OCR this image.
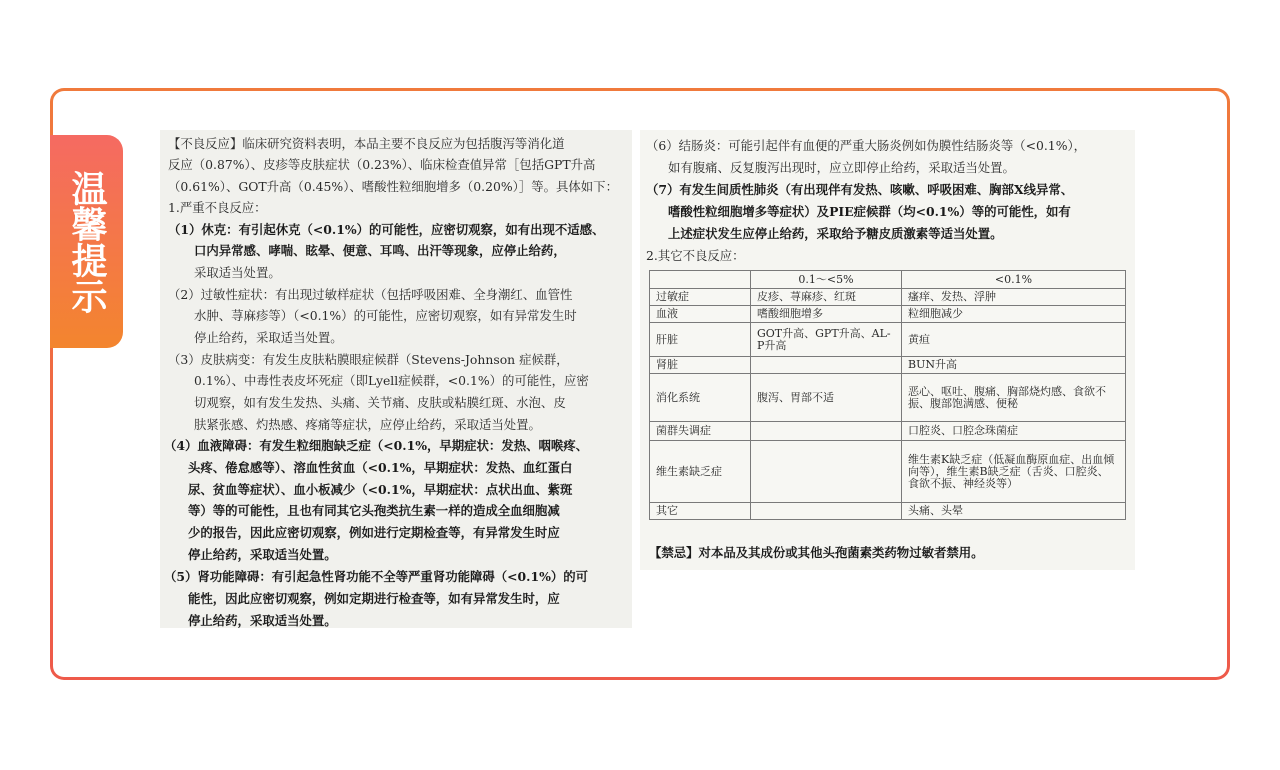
温馨提示
【不良反应】临床研究资料表明，本品主要不良反应为包括腹泻等消化道
反应（0.87%）、皮疹等皮肤症状（0.23%）、临床检查值异常［包括GPT升高
（0.61%）、GOT升高（0.45%）、嗜酸性粒细胞增多（0.20%）］等。具体如下：
1.严重不良反应：
（1）休克：有引起休克（<0.1%）的可能性，应密切观察，如有出现不适感、
口内异常感、哮喘、眩晕、便意、耳鸣、出汗等现象，应停止给药，
采取适当处置。
（2）过敏性症状：有出现过敏样症状（包括呼吸困难、全身潮红、血管性
水肿、荨麻疹等）（<0.1%）的可能性，应密切观察，如有异常发生时
停止给药，采取适当处置。
（3）皮肤病变：有发生皮肤粘膜眼症候群（Stevens-Johnson 症候群，
0.1%）、中毒性表皮坏死症（即Lyell症候群，<0.1%）的可能性，应密
切观察，如有发生发热、头痛、关节痛、皮肤或粘膜红斑、水泡、皮
肤紧张感、灼热感、疼痛等症状，应停止给药，采取适当处置。
（4）血液障碍：有发生粒细胞缺乏症（<0.1%，早期症状：发热、咽喉疼、
头疼、倦怠感等）、溶血性贫血（<0.1%，早期症状：发热、血红蛋白
尿、贫血等症状）、血小板减少（<0.1%，早期症状：点状出血、紫斑
等）等的可能性，且也有同其它头孢类抗生素一样的造成全血细胞减
少的报告，因此应密切观察，例如进行定期检查等，有异常发生时应
停止给药，采取适当处置。
（5）肾功能障碍：有引起急性肾功能不全等严重肾功能障碍（<0.1%）的可
能性，因此应密切观察，例如定期进行检查等，如有异常发生时，应
停止给药，采取适当处置。
（6）结肠炎：可能引起伴有血便的严重大肠炎例如伪膜性结肠炎等（<0.1%），
如有腹痛、反复腹泻出现时，应立即停止给药，采取适当处置。
（7）有发生间质性肺炎（有出现伴有发热、咳嗽、呼吸困难、胸部X线异常、
嗜酸性粒细胞增多等症状）及PIE症候群（均<0.1%）等的可能性，如有
上述症状发生应停止给药，采取给予糖皮质激素等适当处置。
2.其它不良反应：
	0.1～<5%	<0.1%
过敏症	皮疹、荨麻疹、红斑	瘙痒、发热、浮肿
血液	嗜酸细胞增多	粒细胞减少
肝脏	GOT升高、GPT升高、AL-P升高	黄疸
肾脏		BUN升高
消化系统	腹泻、胃部不适	恶心、呕吐、腹痛、胸部烧灼感、食欲不振、腹部饱满感、便秘
菌群失调症		口腔炎、口腔念珠菌症
维生素缺乏症		维生素K缺乏症（低凝血酶原血症、出血倾向等），维生素B缺乏症（舌炎、口腔炎、食欲不振、神经炎等）
其它		头痛、头晕
【禁忌】对本品及其成份或其他头孢菌素类药物过敏者禁用。
